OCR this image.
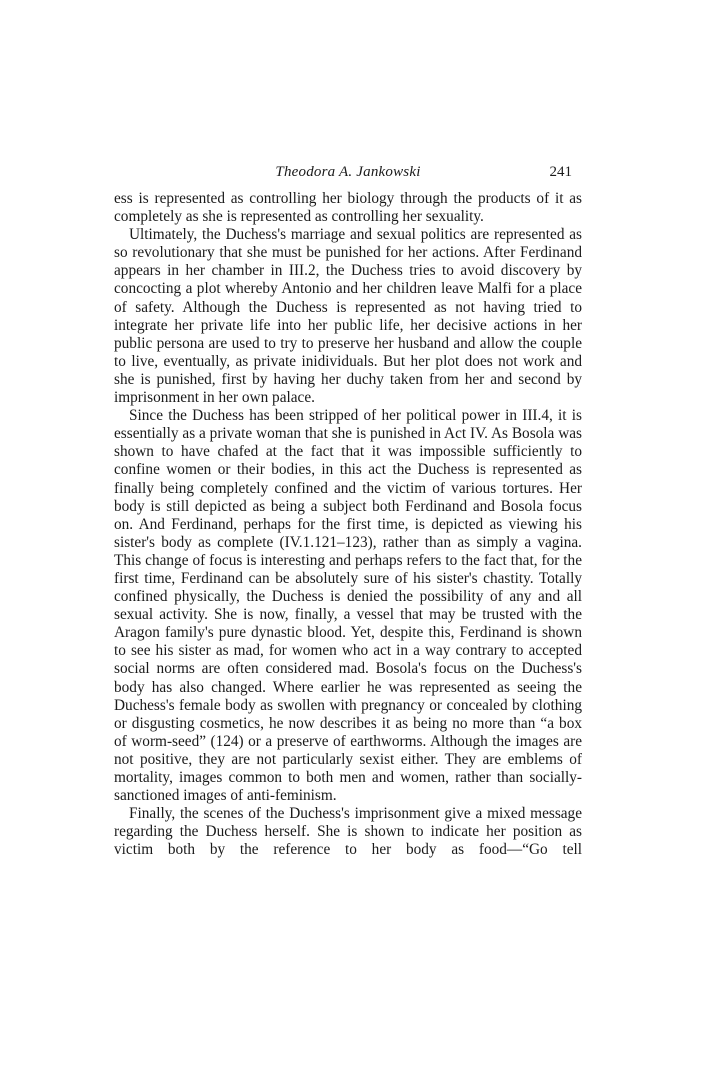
Theodora A. Jankowski	241

ess is represented as controlling her biology through the products of it as completely as she is represented as controlling her sexuality.

Ultimately, the Duchess's marriage and sexual politics are represented as so revolutionary that she must be punished for her actions. After Ferdinand appears in her chamber in III.2, the Duchess tries to avoid discovery by concocting a plot whereby Antonio and her children leave Malfi for a place of safety. Although the Duchess is represented as not having tried to integrate her private life into her public life, her decisive actions in her public persona are used to try to preserve her husband and allow the couple to live, eventually, as private inidividuals. But her plot does not work and she is punished, first by having her duchy taken from her and second by imprisonment in her own palace.

Since the Duchess has been stripped of her political power in III.4, it is essentially as a private woman that she is punished in Act IV. As Bosola was shown to have chafed at the fact that it was impossible sufficiently to confine women or their bodies, in this act the Duchess is represented as finally being completely confined and the victim of various tortures. Her body is still depicted as being a subject both Ferdinand and Bosola focus on. And Ferdinand, perhaps for the first time, is depicted as viewing his sister's body as complete (IV.1.121–123), rather than as simply a vagina. This change of focus is interesting and perhaps refers to the fact that, for the first time, Ferdinand can be absolutely sure of his sister's chastity. Totally confined physically, the Duchess is denied the possibility of any and all sexual activity. She is now, finally, a vessel that may be trusted with the Aragon family's pure dynastic blood. Yet, despite this, Ferdinand is shown to see his sister as mad, for women who act in a way contrary to accepted social norms are often considered mad. Bosola's focus on the Duchess's body has also changed. Where earlier he was represented as seeing the Duchess's female body as swollen with pregnancy or concealed by clothing or disgusting cosmetics, he now describes it as being no more than “a box of worm-seed” (124) or a preserve of earthworms. Although the images are not positive, they are not particularly sexist either. They are emblems of mortality, images common to both men and women, rather than socially-sanctioned images of anti-feminism.

Finally, the scenes of the Duchess's imprisonment give a mixed message regarding the Duchess herself. She is shown to indicate her position as victim both by the reference to her body as food—“Go tell
